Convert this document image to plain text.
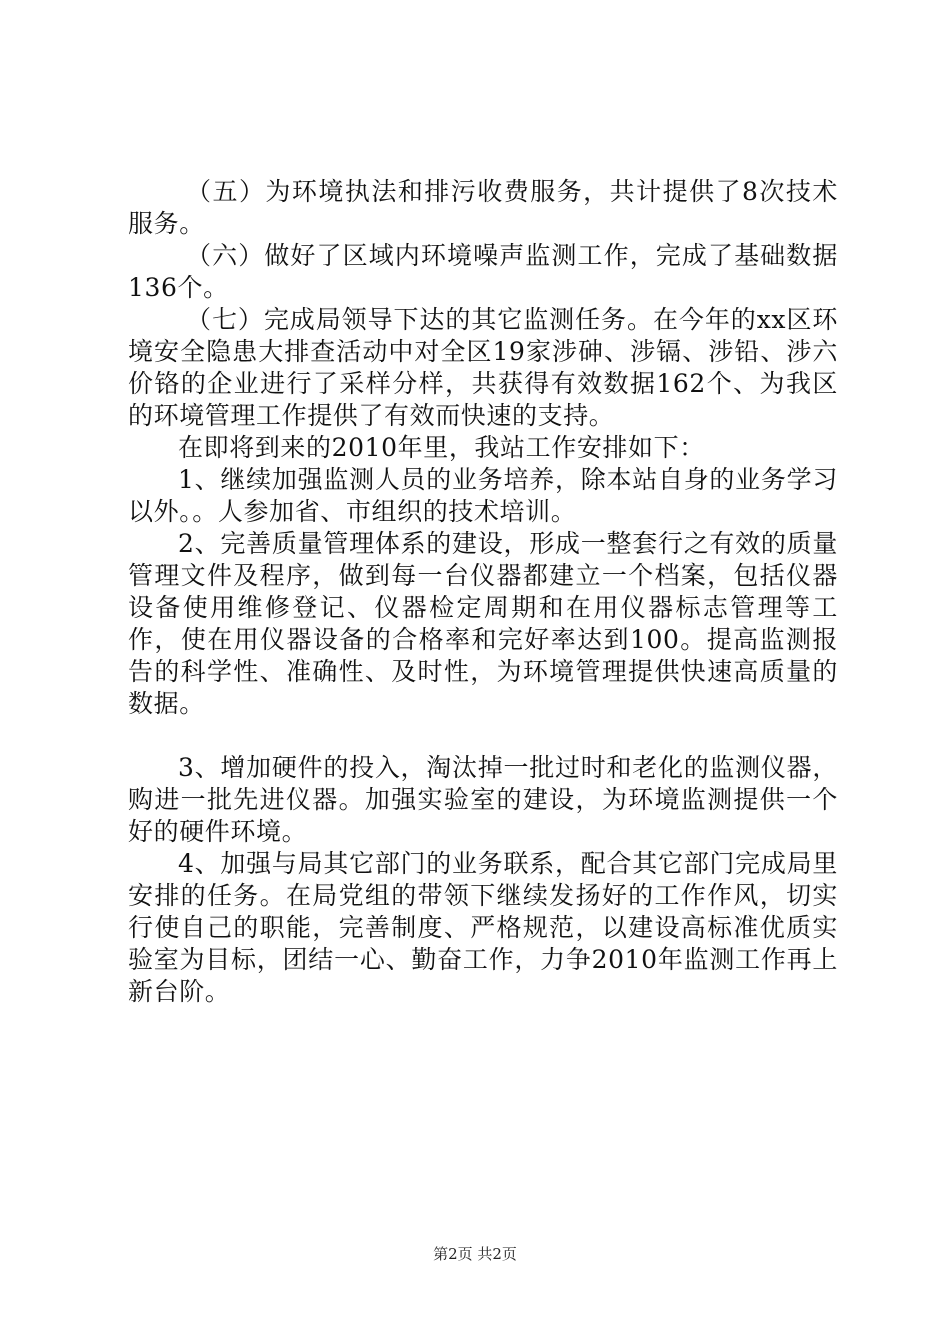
（五）为环境执法和排污收费服务，共计提供了8次技术服务。

（六）做好了区域内环境噪声监测工作，完成了基础数据136个。

（七）完成局领导下达的其它监测任务。在今年的xx区环境安全隐患大排查活动中对全区19家涉砷、涉镉、涉铅、涉六价铬的企业进行了采样分样，共获得有效数据162个、为我区的环境管理工作提供了有效而快速的支持。

在即将到来的2010年里，我站工作安排如下：

1、继续加强监测人员的业务培养，除本站自身的业务学习以外。。人参加省、市组织的技术培训。

2、完善质量管理体系的建设，形成一整套行之有效的质量管理文件及程序，做到每一台仪器都建立一个档案，包括仪器设备使用维修登记、仪器检定周期和在用仪器标志管理等工作，使在用仪器设备的合格率和完好率达到100。提高监测报告的科学性、准确性、及时性，为环境管理提供快速高质量的数据。

3、增加硬件的投入，淘汰掉一批过时和老化的监测仪器，购进一批先进仪器。加强实验室的建设，为环境监测提供一个好的硬件环境。

4、加强与局其它部门的业务联系，配合其它部门完成局里安排的任务。在局党组的带领下继续发扬好的工作作风，切实行使自己的职能，完善制度、严格规范，以建设高标准优质实验室为目标，团结一心、勤奋工作，力争2010年监测工作再上新台阶。

第2页 共2页
